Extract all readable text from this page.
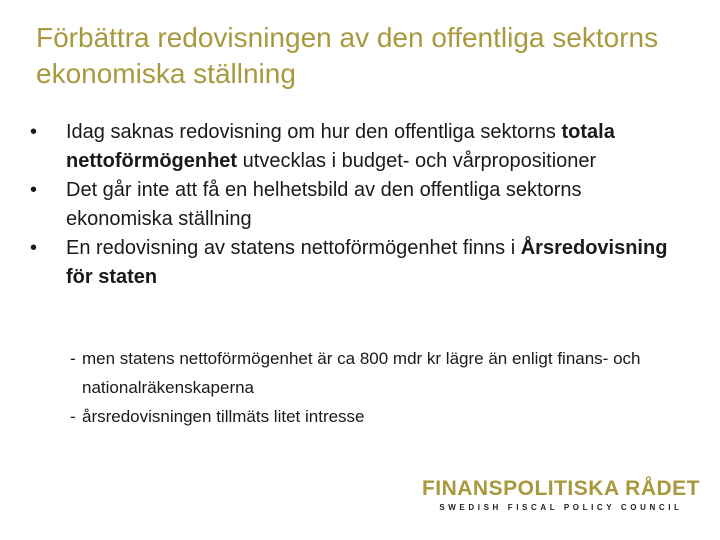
Förbättra redovisningen av den offentliga sektorns ekonomiska ställning
• Idag saknas redovisning om hur den offentliga sektorns totala nettoförmögenhet utvecklas i budget- och vårpropositioner
• Det går inte att få en helhetsbild av den offentliga sektorns ekonomiska ställning
• En redovisning av statens nettoförmögenhet finns i Årsredovisning för staten
- men statens nettoförmögenhet är ca 800 mdr kr lägre än enligt finans- och nationalräkenskaperna
- årsredovisningen tillmäts litet intresse
FINANSPOLITISKA RÅDET
SWEDISH FISCAL POLICY COUNCIL
